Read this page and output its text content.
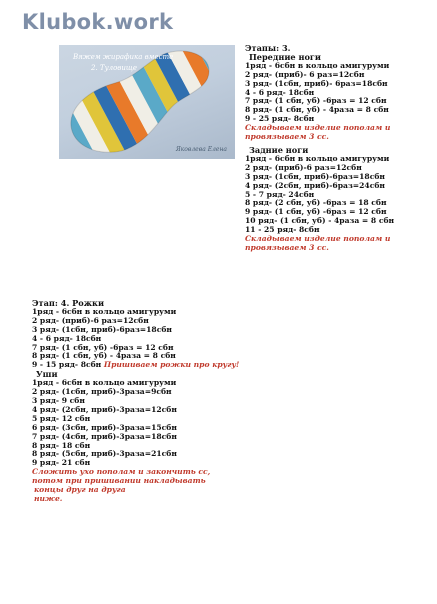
Klubok.work
Вяжем жирафика вместе
2. Туловище
Яковлева Елена
Этапы: 3.
Передние ноги
1ряд - 6сбн в кольцо амигуруми
2 ряд- (приб)- 6 раз=12сбн
3 ряд- (1сбн, приб)- 6раз=18сбн
4 - 6 ряд- 18сбн
7 ряд- (1 сбн, уб) -6раз = 12 сбн
8 ряд- (1 сбн, уб) - 4раза = 8 сбн
9 - 25 ряд- 8сбн
Складываем изделие пополам и
провязываем 3 сс.
Задние ноги
1ряд - 6сбн в кольцо амигуруми
2 ряд- (приб)-6 раз=12сбн
3 ряд- (1сбн, приб)-6раз=18сбн
4 ряд- (2сбн, приб)-6раз=24сбн
5 - 7 ряд- 24сбн
8 ряд- (2 сбн, уб) -6раз = 18 сбн
9 ряд- (1 сбн, уб) -6раз = 12 сбн
10 ряд- (1 сбн, уб) - 4раза = 8 сбн
11 - 25 ряд- 8сбн
Складываем изделие пополам и
провязываем 3 сс.
Этап: 4. Рожки
1ряд - 6сбн в кольцо амигуруми
2 ряд- (приб)-6 раз=12сбн
3 ряд- (1сбн, приб)-6раз=18сбн
4 - 6 ряд- 18сбн
7 ряд- (1 сбн, уб) -6раз = 12 сбн
8 ряд- (1 сбн, уб) - 4раза = 8 сбн
9 - 15 ряд- 8сбн Пришиваем рожки про кругу!
Уши
1ряд - 6сбн в кольцо амигуруми
2 ряд- (1сбн, приб)-3раза=9сбн
3 ряд- 9 сбн
4 ряд- (2сбн, приб)-3раза=12сбн
5 ряд- 12 сбн
6 ряд- (3сбн, приб)-3раза=15сбн
7 ряд- (4сбн, приб)-3раза=18сбн
8 ряд- 18 сбн
8 ряд- (5сбн, приб)-3раза=21сбн
9 ряд- 21 сбн
Сложить ухо пополам и закончить сс,
потом при пришивании накладывать
концы друг на друга
ниже.
